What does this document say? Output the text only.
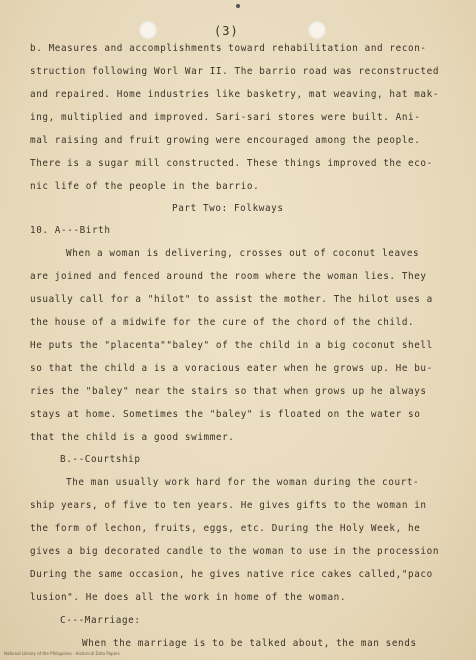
(3)
b. Measures and accomplishments toward rehabilitation and recon-
struction following Worl War II. The barrio road was reconstructed
and repaired. Home industries like basketry, mat weaving, hat mak-
ing, multiplied and improved. Sari-sari stores were built. Ani-
mal raising and fruit growing were encouraged among the people.
There is a sugar mill constructed. These things improved the eco-
nic life of the people in the barrio.
Part Two: Folkways
10. A---Birth
When a woman is delivering, crosses out of coconut leaves
are joined and fenced around the room where the woman lies. They
usually call for a "hilot" to assist the mother. The hilot uses a
the house of a midwife for the cure of the chord of the child.
He puts the "placenta""baley" of the child in a big coconut shell
so that the child a is a voracious eater when he grows up. He bu-
ries the "baley" near the stairs so that when grows up he always
stays at home. Sometimes the "baley" is floated on the water so
that the child is a good swimmer.
B.--Courtship
The man usually work hard for the woman during the court-
ship years, of five to ten years. He gives gifts to the woman in
the form of lechon, fruits, eggs, etc. During the Holy Week, he
gives a big decorated candle to the woman to use in the procession
During the same occasion, he gives native rice cakes called,"paco
lusion". He does all the work in home of the woman.
C---Marriage:
When the marriage is to be talked about, the man sends
National Library of the Philippines · Historical Data Papers
